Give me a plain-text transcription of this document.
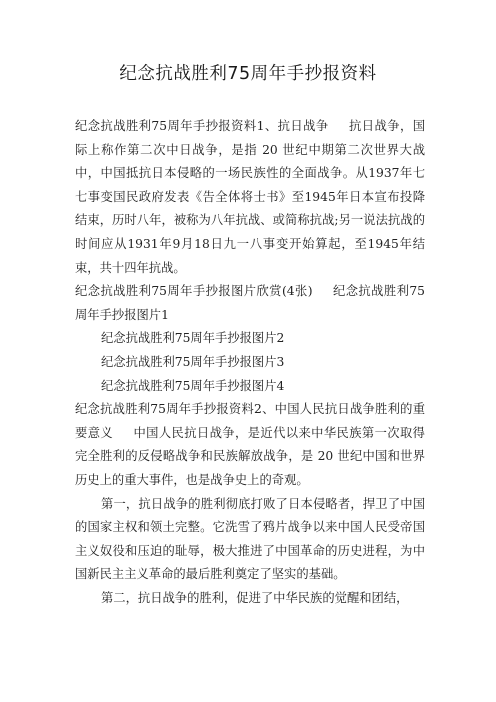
纪念抗战胜利75周年手抄报资料

纪念抗战胜利75周年手抄报资料1、抗日战争 抗日战争，国际上称作第二次中日战争，是指 20 世纪中期第二次世界大战中，中国抵抗日本侵略的一场民族性的全面战争。从1937年七七事变国民政府发表《告全体将士书》至1945年日本宣布投降结束，历时八年，被称为八年抗战、或简称抗战;另一说法抗战的时间应从1931年9月18日九一八事变开始算起，至1945年结束，共十四年抗战。

纪念抗战胜利75周年手抄报图片欣赏(4张) 纪念抗战胜利75周年手抄报图片1

纪念抗战胜利75周年手抄报图片2

纪念抗战胜利75周年手抄报图片3

纪念抗战胜利75周年手抄报图片4

纪念抗战胜利75周年手抄报资料2、中国人民抗日战争胜利的重要意义 中国人民抗日战争，是近代以来中华民族第一次取得完全胜利的反侵略战争和民族解放战争，是 20 世纪中国和世界历史上的重大事件，也是战争史上的奇观。

第一，抗日战争的胜利彻底打败了日本侵略者，捍卫了中国的国家主权和领土完整。它洗雪了鸦片战争以来中国人民受帝国主义奴役和压迫的耻辱，极大推进了中国革命的历史进程，为中国新民主主义革命的最后胜利奠定了坚实的基础。

第二，抗日战争的胜利，促进了中华民族的觉醒和团结，
